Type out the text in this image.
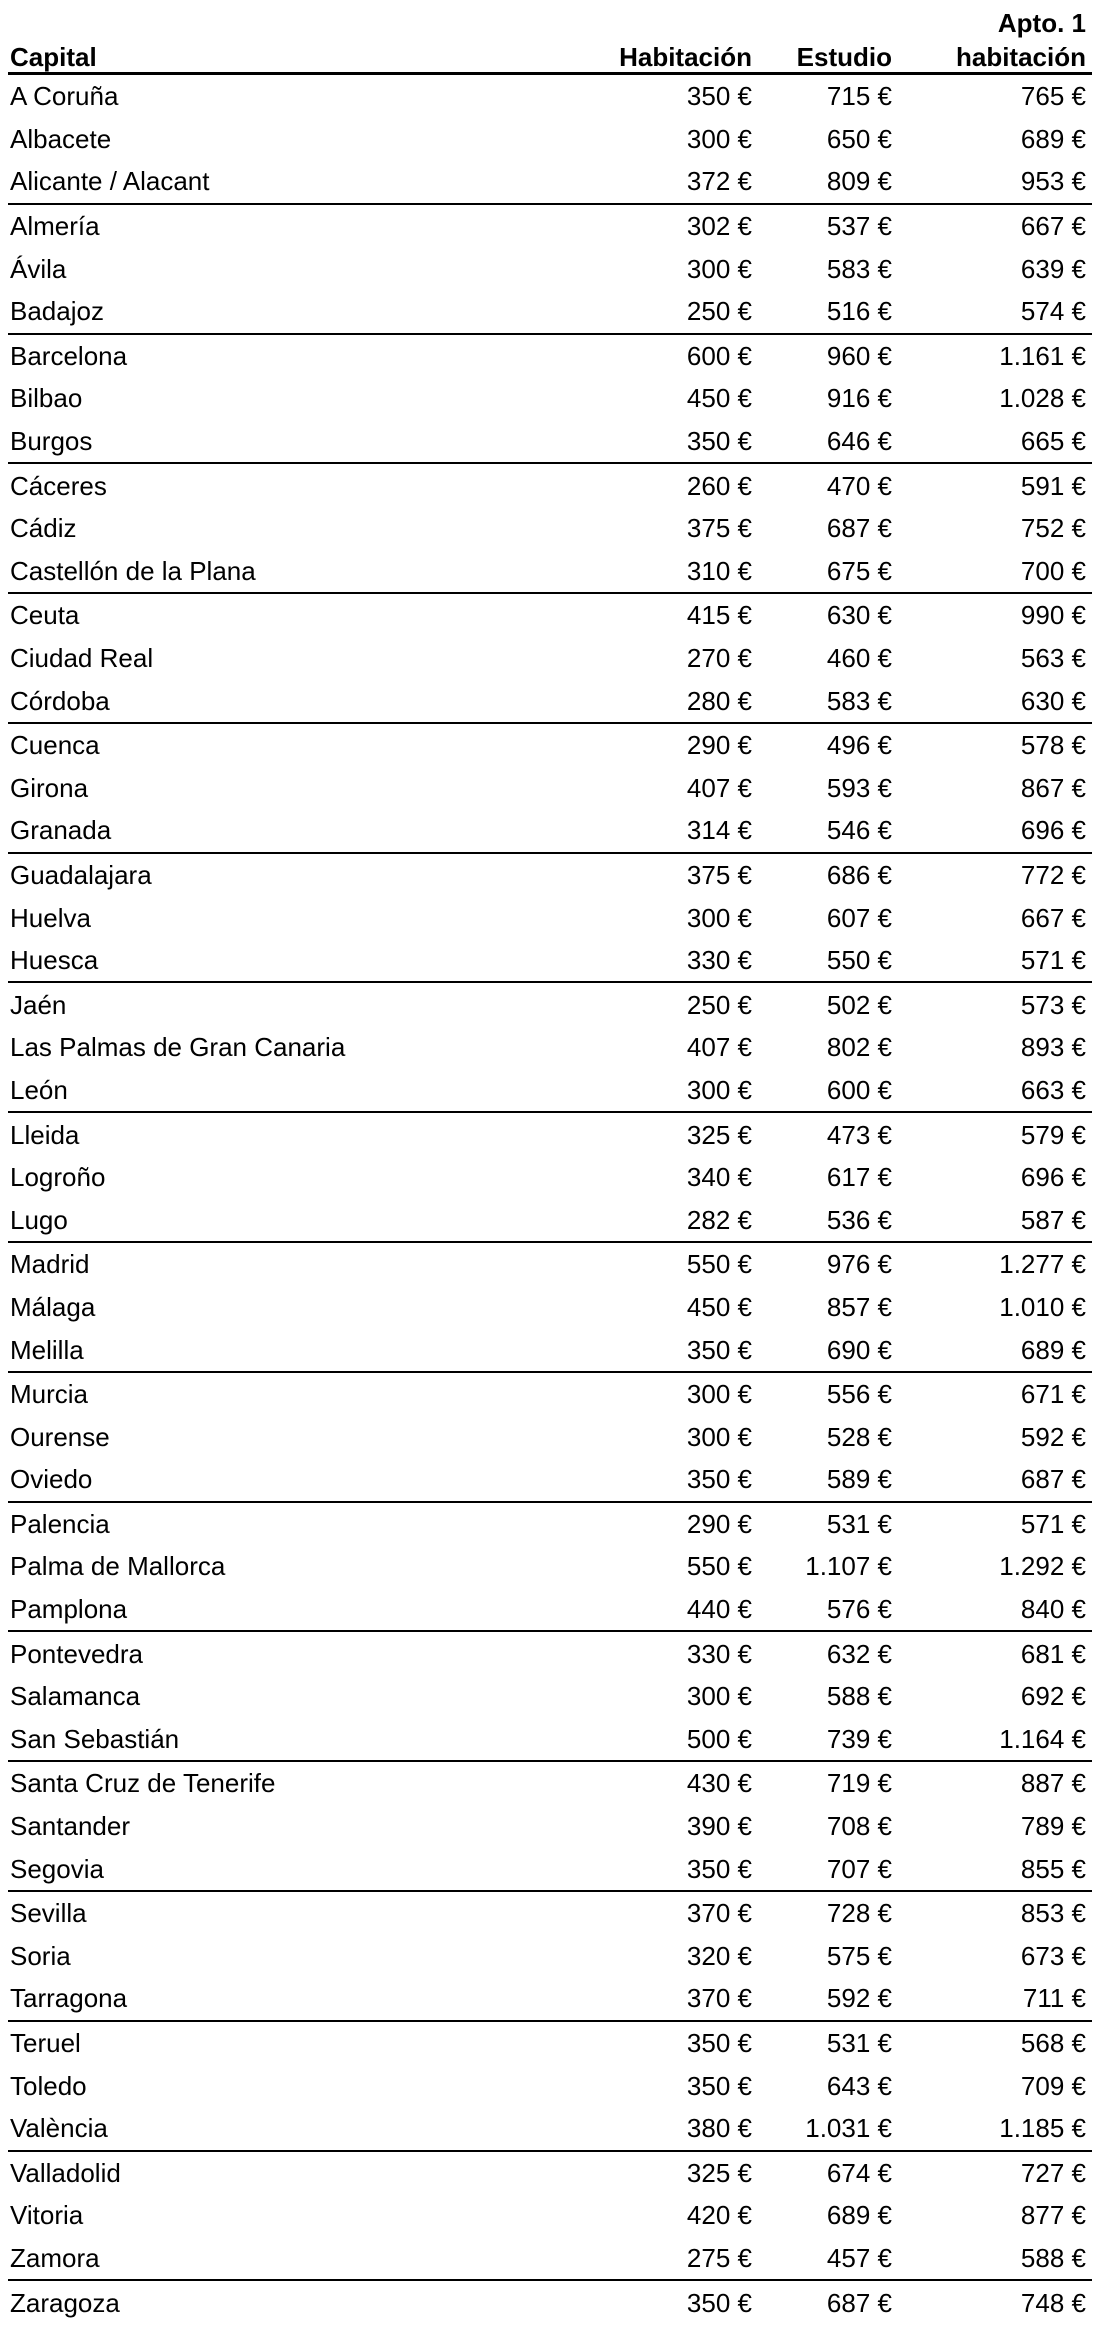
			Apto. 1
Capital	Habitación	Estudio	habitación
A Coruña	350 €	715 €	765 €
Albacete	300 €	650 €	689 €
Alicante / Alacant	372 €	809 €	953 €
Almería	302 €	537 €	667 €
Ávila	300 €	583 €	639 €
Badajoz	250 €	516 €	574 €
Barcelona	600 €	960 €	1.161 €
Bilbao	450 €	916 €	1.028 €
Burgos	350 €	646 €	665 €
Cáceres	260 €	470 €	591 €
Cádiz	375 €	687 €	752 €
Castellón de la Plana	310 €	675 €	700 €
Ceuta	415 €	630 €	990 €
Ciudad Real	270 €	460 €	563 €
Córdoba	280 €	583 €	630 €
Cuenca	290 €	496 €	578 €
Girona	407 €	593 €	867 €
Granada	314 €	546 €	696 €
Guadalajara	375 €	686 €	772 €
Huelva	300 €	607 €	667 €
Huesca	330 €	550 €	571 €
Jaén	250 €	502 €	573 €
Las Palmas de Gran Canaria	407 €	802 €	893 €
León	300 €	600 €	663 €
Lleida	325 €	473 €	579 €
Logroño	340 €	617 €	696 €
Lugo	282 €	536 €	587 €
Madrid	550 €	976 €	1.277 €
Málaga	450 €	857 €	1.010 €
Melilla	350 €	690 €	689 €
Murcia	300 €	556 €	671 €
Ourense	300 €	528 €	592 €
Oviedo	350 €	589 €	687 €
Palencia	290 €	531 €	571 €
Palma de Mallorca	550 €	1.107 €	1.292 €
Pamplona	440 €	576 €	840 €
Pontevedra	330 €	632 €	681 €
Salamanca	300 €	588 €	692 €
San Sebastián	500 €	739 €	1.164 €
Santa Cruz de Tenerife	430 €	719 €	887 €
Santander	390 €	708 €	789 €
Segovia	350 €	707 €	855 €
Sevilla	370 €	728 €	853 €
Soria	320 €	575 €	673 €
Tarragona	370 €	592 €	711 €
Teruel	350 €	531 €	568 €
Toledo	350 €	643 €	709 €
València	380 €	1.031 €	1.185 €
Valladolid	325 €	674 €	727 €
Vitoria	420 €	689 €	877 €
Zamora	275 €	457 €	588 €
Zaragoza	350 €	687 €	748 €
